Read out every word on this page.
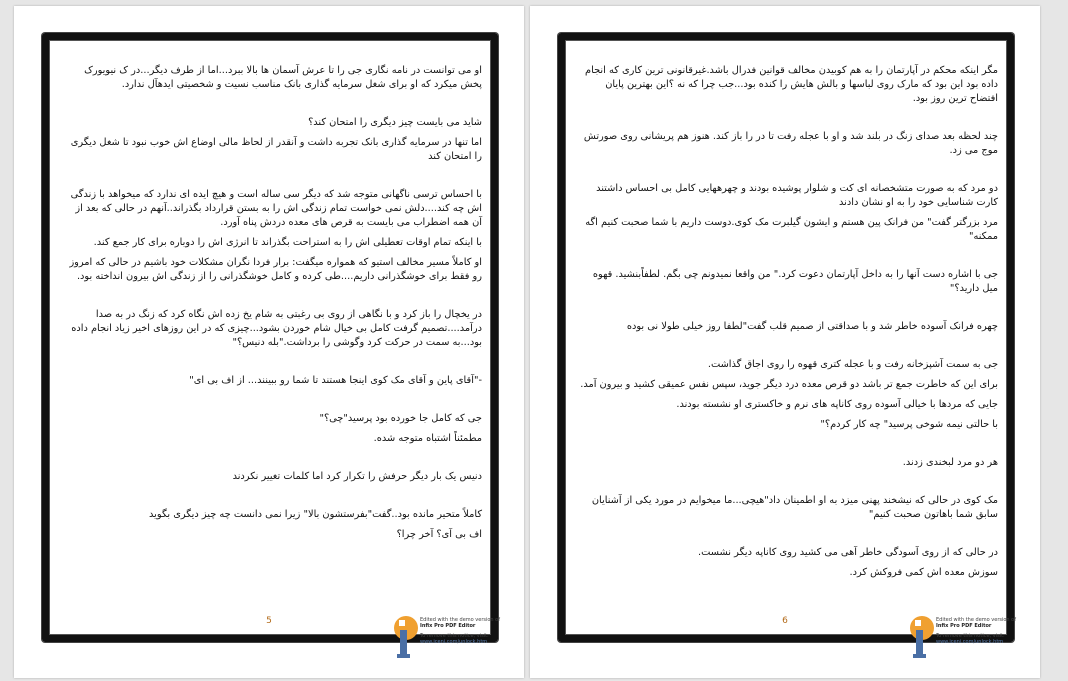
او می توانست در نامه نگاری جی را تا عرش آسمان ها بالا ببرد...اما از طرف دیگر...در ک نیویورک پخش میکرد که او برای شغل سرمایه گذاری بانک مناسب نسیت و شخصیتی ایدهآل ندارد.

شاید می بایست چیز دیگری را امتحان کند؟

اما تنها در سرمایه گذاری بانک تجربه داشت و آنقدر از لحاظ مالی اوضاع اش خوب نبود تا شغل دیگری را امتحان کند

با احساس ترسی ناگهانی متوجه شد که دیگر سی ساله است و هیچ ایده ای ندارد که میخواهد با زندگی اش چه کند....دلش نمی خواست تمام زندگی اش را به بستن قرارداد بگذراند..آنهم در حالی که بعد از آن همه اضطراب می بایست به قرص های معده دردش پناه آورد.

با اینکه تمام اوقات تعطیلی اش را به استراحت بگذراند تا انرژی اش را دوباره برای کار جمع کند.

او کاملاً مسیر مخالف استیو که همواره میگفت: برار فردا نگران مشکلات خود باشیم در حالی که امروز رو فقط برای خوشگذرانی داریم....طی کرده و کامل خوشگذرانی را از زندگی اش بیرون انداخته بود.

در یخچال را باز کرد و با نگاهی از روی بی رغبتی به شام یخ زده اش نگاه کرد که زنگ در به صدا درآمد....تصمیم گرفت کامل بی خیال شام خوردن بشود...چیزی که در این روزهای اخیر زیاد انجام داده بود...به سمت در حرکت کرد وگوشی را برداشت."بله دنیس؟"

-"آقای پاین و آقای مک کوی اینجا هستند تا شما رو ببینند... از اف بی ای"

جی که کامل جا خورده بود پرسید"چی؟"

مطمئناً اشتباه متوجه شده.

دنیس یک بار دیگر حرفش را تکرار کرد اما کلمات تغییر نکردند

کاملاً متحیر مانده بود..گفت"بفرستشون بالا" زیرا نمی دانست چه چیز دیگری بگوید

اف بی آی؟ آخر چرا؟

5	Edited with the demo version of
Infix Pro PDF Editor
To remove this notice, visit:
www.iceni.com/unlock.htm

مگر اینکه محکم در آپارتمان را به هم کوبیدن مخالف قوانین فدرال باشد.غیرقانونی ترین کاری که انجام داده بود این بود که مارک روی لباسها و بالش هایش را کنده بود...جب چرا که نه ؟این بهترین پایان افتضاح ترین روز بود.

چند لحظه بعد صدای زنگ در بلند شد و او با عجله رفت تا در را باز کند. هنوز هم پریشانی روی صورتش موج می زد.

دو مرد که به صورت متشخصانه ای کت و شلوار پوشیده بودند و چهرههایی کامل بی احساس داشتند کارت شناسایی خود را به او نشان دادند

مرد بزرگتر گفت" من فرانک پین هستم و ایشون گیلبرت مک کوی.دوست داریم با شما صحبت کنیم اگه ممکنه"

جی با اشاره دست آنها را به داخل آپارتمان دعوت کرد." من واقعا نمیدونم چی بگم. لطفاًبنشید. قهوه میل دارید؟"

چهره فرانک آسوده خاطر شد و با صداقتی از صمیم قلب گفت"لطفا روز خیلی طولا نی بوده

جی به سمت آشپزخانه رفت و با عجله کتری قهوه را روی اجاق گذاشت.

برای این که خاطرت جمع تر باشد دو قرص معده درد دیگر جوید، سپس نفس عمیقی کشید و بیرون آمد.

جایی که مردها با خیالی آسوده روی کاناپه های نرم و خاکستری او نشسته بودند.

با حالتی نیمه شوخی پرسید" چه کار کردم؟"

هر دو مرد لبخندی زدند.

مک کوی در حالی که نیشخند پهنی میزد به او اطمینان داد"هیچی...ما میخوایم در مورد یکی از آشنایان سابق شما باهاتون صحبت کنیم"

در حالی که از روی آسودگی خاطر آهی می کشید روی کاناپه دیگر نشست.

سوزش معده اش کمی فروکش کرد.

6	Edited with the demo version of
Infix Pro PDF Editor
To remove this notice, visit:
www.iceni.com/unlock.htm
